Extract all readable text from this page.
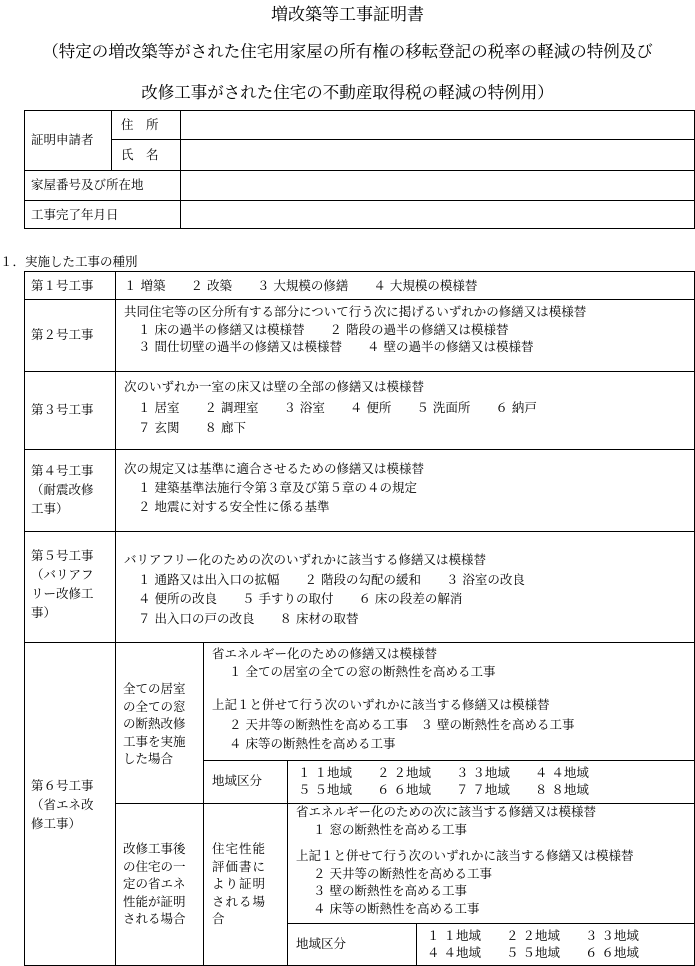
増改築等工事証明書
（特定の増改築等がされた住宅用家屋の所有権の移転登記の税率の軽減の特例及び
改修工事がされた住宅の不動産取得税の軽減の特例用）
証明申請者
住　所
氏　名
家屋番号及び所在地
工事完了年月日
１．実施した工事の種別
第１号工事 １ 増築　　２ 改築　　３ 大規模の修繕　　４ 大規模の模様替
第２号工事
共同住宅等の区分所有する部分について行う次に掲げるいずれかの修繕又は模様替
１ 床の過半の修繕又は模様替　　２ 階段の過半の修繕又は模様替
３ 間仕切壁の過半の修繕又は模様替　　４ 壁の過半の修繕又は模様替
第３号工事
次のいずれか一室の床又は壁の全部の修繕又は模様替
１ 居室　　２ 調理室　　３ 浴室　　４ 便所　　５ 洗面所　　６ 納戸
７ 玄関　　８ 廊下
第４号工事
（耐震改修
工事）
次の規定又は基準に適合させるための修繕又は模様替
１ 建築基準法施行令第３章及び第５章の４の規定
２ 地震に対する安全性に係る基準
第５号工事
（バリアフ
リー改修工
事）
バリアフリー化のための次のいずれかに該当する修繕又は模様替
１ 通路又は出入口の拡幅　　２ 階段の勾配の緩和　　３ 浴室の改良
４ 便所の改良　　５ 手すりの取付　　６ 床の段差の解消
７ 出入口の戸の改良　　８ 床材の取替
第６号工事
（省エネ改
修工事）
全ての居室
の全ての窓
の断熱改修
工事を実施
した場合
省エネルギー化のための修繕又は模様替
１ 全ての居室の全ての窓の断熱性を高める工事
上記１と併せて行う次のいずれかに該当する修繕又は模様替
２ 天井等の断熱性を高める工事　３ 壁の断熱性を高める工事
４ 床等の断熱性を高める工事
地域区分
１ １地域　　２ ２地域　　３ ３地域　　４ ４地域
５ ５地域　　６ ６地域　　７ ７地域　　８ ８地域
改修工事後
の住宅の一
定の省エネ
性能が証明
される場合
住宅性能
評価書に
より証明
される場
合
省エネルギー化のための次に該当する修繕又は模様替
１ 窓の断熱性を高める工事
上記１と併せて行う次のいずれかに該当する修繕又は模様替
２ 天井等の断熱性を高める工事
３ 壁の断熱性を高める工事
４ 床等の断熱性を高める工事
地域区分
１ １地域　　２ ２地域　　３ ３地域
４ ４地域　　５ ５地域　　６ ６地域
